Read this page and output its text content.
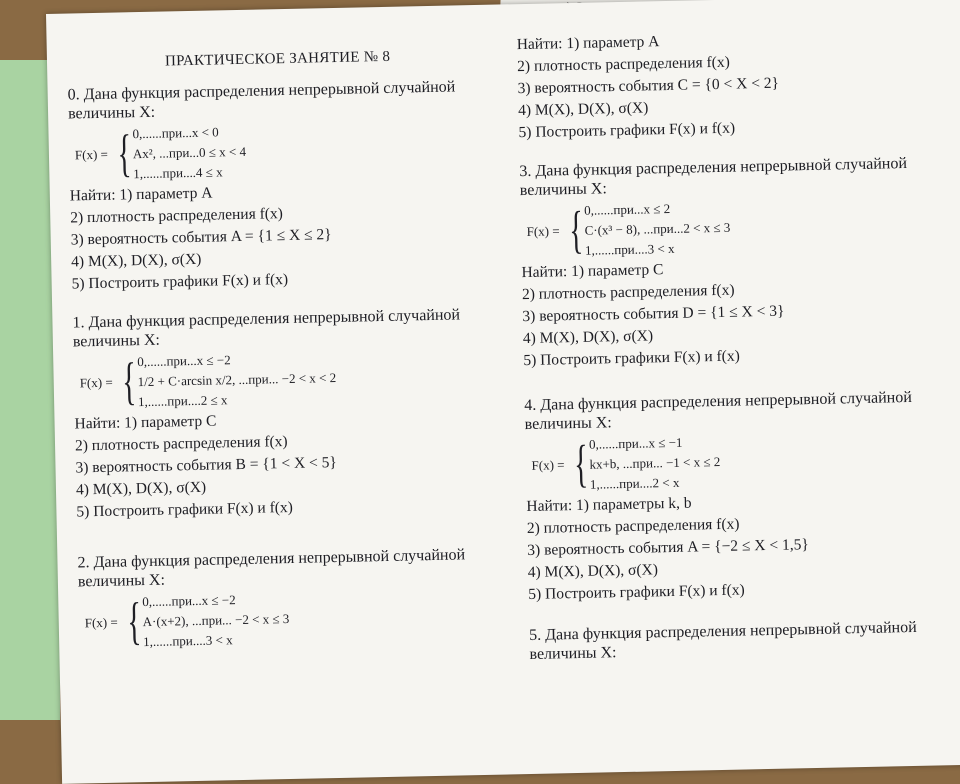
ПРАКТИЧЕСКОЕ ЗАНЯТИЕ № 8
0. Дана функция распределения непрерывной случайной величины X:
F(x) = { 0,......при...x < 0
Ax², ...при...0 ≤ x < 4
1,......при....4 ≤ x
Найти: 1) параметр A
2) плотность распределения f(x)
3) вероятность события A = {1 ≤ X ≤ 2}
4) M(X), D(X), σ(X)
5) Построить графики F(x) и f(x)
1. Дана функция распределения непрерывной случайной величины X:
F(x) = { 0,......при...x ≤ −2
1/2 + C·arcsin x/2, ...при... −2 < x < 2
1,......при....2 ≤ x
Найти: 1) параметр C
2) плотность распределения f(x)
3) вероятность события B = {1 < X < 5}
4) M(X), D(X), σ(X)
5) Построить графики F(x) и f(x)
2. Дана функция распределения непрерывной случайной величины X:
F(x) = { 0,......при...x ≤ −2
A·(x+2), ...при... −2 < x ≤ 3
1,......при....3 < x
Найти: 1) параметр A
2) плотность распределения f(x)
3) вероятность события C = {0 < X < 2}
4) M(X), D(X), σ(X)
5) Построить графики F(x) и f(x)
3. Дана функция распределения непрерывной случайной величины X:
F(x) = { 0,......при...x ≤ 2
C·(x³ − 8), ...при...2 < x ≤ 3
1,......при....3 < x
Найти: 1) параметр C
2) плотность распределения f(x)
3) вероятность события D = {1 ≤ X < 3}
4) M(X), D(X), σ(X)
5) Построить графики F(x) и f(x)
4. Дана функция распределения непрерывной случайной величины X:
F(x) = { 0,......при...x ≤ −1
kx+b, ...при... −1 < x ≤ 2
1,......при....2 < x
Найти: 1) параметры k, b
2) плотность распределения f(x)
3) вероятность события A = {−2 ≤ X < 1,5}
4) M(X), D(X), σ(X)
5) Построить графики F(x) и f(x)
5. Дана функция распределения непрерывной случайной величины X:
